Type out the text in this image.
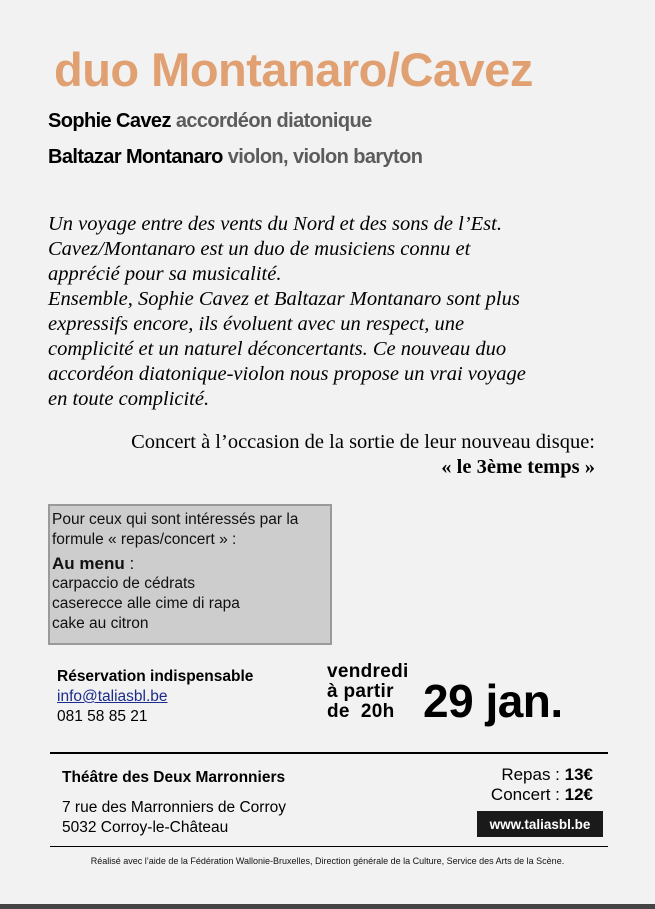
duo Montanaro/Cavez
Sophie Cavez accordéon diatonique
Baltazar Montanaro violon, violon baryton
Un voyage entre des vents du Nord et des sons de l’Est.
Cavez/Montanaro est un duo de musiciens connu et
apprécié pour sa musicalité.
Ensemble, Sophie Cavez et Baltazar Montanaro sont plus
expressifs encore, ils évoluent avec un respect, une
complicité et un naturel déconcertants. Ce nouveau duo
accordéon diatonique-violon nous propose un vrai voyage
en toute complicité.
Concert à l’occasion de la sortie de leur nouveau disque:
« le 3ème temps »
Pour ceux qui sont intéressés par la
formule « repas/concert » :
Au menu :
carpaccio de cédrats
caserecce alle cime di rapa
cake au citron
Réservation indispensable
info@taliasbl.be
081 58 85 21
vendredi
à partir
de  20h 29 jan.
Théâtre des Deux Marronniers
7 rue des Marronniers de Corroy
5032 Corroy-le-Château
Repas : 13€
Concert : 12€
www.taliasbl.be
Réalisé avec l’aide de la Fédération Wallonie-Bruxelles, Direction générale de la Culture, Service des Arts de la Scène.
